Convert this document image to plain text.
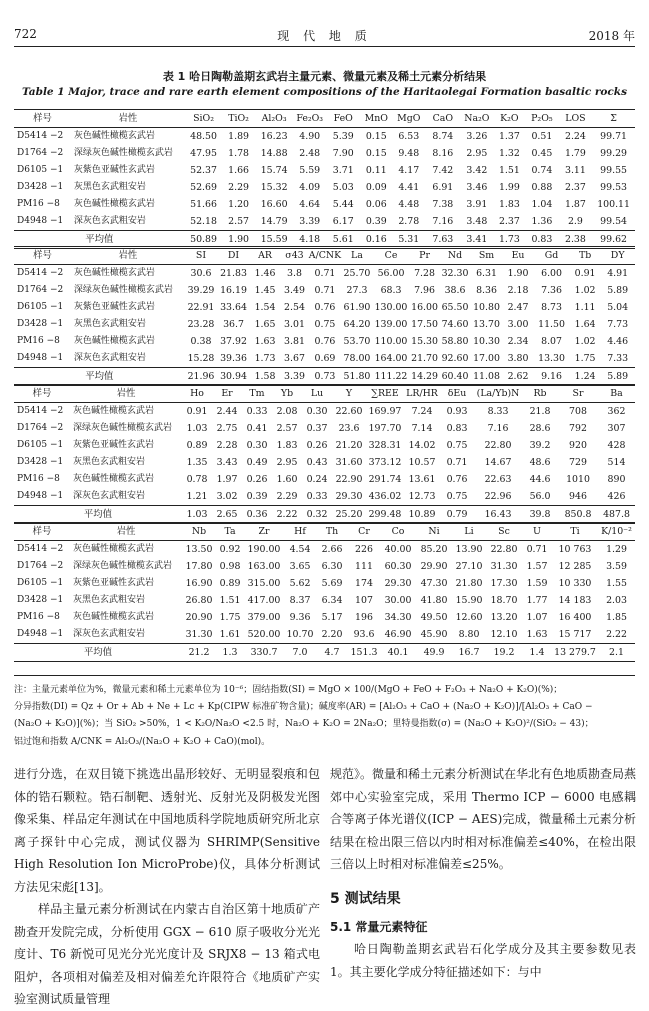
722	现 代 地 质	2018 年
表 1 哈日陶勒盖期玄武岩主量元素、微量元素及稀土元素分析结果
Table 1 Major, trace and rare earth element compositions of the Haritaolegai Formation basaltic rocks
样号	岩性	SiO₂	TiO₂	Al₂O₃	Fe₂O₃	FeO	MnO	MgO	CaO	Na₂O	K₂O	P₂O₅	LOS	Σ
D5414 −2	灰色碱性橄榄玄武岩	48.50	1.89	16.23	4.90	5.39	0.15	6.53	8.74	3.26	1.37	0.51	2.24	99.71
D1764 −2	深绿灰色碱性橄榄玄武岩	47.95	1.78	14.88	2.48	7.90	0.15	9.48	8.16	2.95	1.32	0.45	1.79	99.29
D6105 −1	灰紫色亚碱性玄武岩	52.37	1.66	15.74	5.59	3.71	0.11	4.17	7.42	3.42	1.51	0.74	3.11	99.55
D3428 −1	灰黑色玄武粗安岩	52.69	2.29	15.32	4.09	5.03	0.09	4.41	6.91	3.46	1.99	0.88	2.37	99.53
PM16 −8	灰色碱性橄榄玄武岩	51.66	1.20	16.60	4.64	5.44	0.06	4.48	7.38	3.91	1.83	1.04	1.87	100.11
D4948 −1	深灰色玄武粗安岩	52.18	2.57	14.79	3.39	6.17	0.39	2.78	7.16	3.48	2.37	1.36	2.9	99.54
平均值		50.89	1.90	15.59	4.18	5.61	0.16	5.31	7.63	3.41	1.73	0.83	2.38	99.62
样号	岩性	SI	DI	AR	σ43	A/CNK	La	Ce	Pr	Nd	Sm	Eu	Gd	Tb	DY
D5414 −2	灰色碱性橄榄玄武岩	30.6	21.83	1.46	3.8	0.71	25.70	56.00	7.28	32.30	6.31	1.90	6.00	0.91	4.91
D1764 −2	深绿灰色碱性橄榄玄武岩	39.29	16.19	1.45	3.49	0.71	27.3	68.3	7.96	38.6	8.36	2.18	7.36	1.02	5.89
D6105 −1	灰紫色亚碱性玄武岩	22.91	33.64	1.54	2.54	0.76	61.90	130.00	16.00	65.50	10.80	2.47	8.73	1.11	5.04
D3428 −1	灰黑色玄武粗安岩	23.28	36.7	1.65	3.01	0.75	64.20	139.00	17.50	74.60	13.70	3.00	11.50	1.64	7.73
PM16 −8	灰色碱性橄榄玄武岩	0.38	37.92	1.63	3.81	0.76	53.70	110.00	15.30	58.80	10.30	2.34	8.07	1.02	4.46
D4948 −1	深灰色玄武粗安岩	15.28	39.36	1.73	3.67	0.69	78.00	164.00	21.70	92.60	17.00	3.80	13.30	1.75	7.33
平均值		21.96	30.94	1.58	3.39	0.73	51.80	111.22	14.29	60.40	11.08	2.62	9.16	1.24	5.89
样号	岩性	Ho	Er	Tm	Yb	Lu	Y	∑REE	LR/HR	δEu	(La/Yb)N	Rb	Sr	Ba
D5414 −2	灰色碱性橄榄玄武岩	0.91	2.44	0.33	2.08	0.30	22.60	169.97	7.24	0.93	8.33	21.8	708	362
D1764 −2	深绿灰色碱性橄榄玄武岩	1.03	2.75	0.41	2.57	0.37	23.6	197.70	7.14	0.83	7.16	28.6	792	307
D6105 −1	灰紫色亚碱性玄武岩	0.89	2.28	0.30	1.83	0.26	21.20	328.31	14.02	0.75	22.80	39.2	920	428
D3428 −1	灰黑色玄武粗安岩	1.35	3.43	0.49	2.95	0.43	31.60	373.12	10.57	0.71	14.67	48.6	729	514
PM16 −8	灰色碱性橄榄玄武岩	0.78	1.97	0.26	1.60	0.24	22.90	291.74	13.61	0.76	22.63	44.6	1010	890
D4948 −1	深灰色玄武粗安岩	1.21	3.02	0.39	2.29	0.33	29.30	436.02	12.73	0.75	22.96	56.0	946	426
平均值		1.03	2.65	0.36	2.22	0.32	25.20	299.48	10.89	0.79	16.43	39.8	850.8	487.8
样号	岩性	Nb	Ta	Zr	Hf	Th	Cr	Co	Ni	Li	Sc	U	Ti	K/10⁻²
D5414 −2	灰色碱性橄榄玄武岩	13.50	0.92	190.00	4.54	2.66	226	40.00	85.20	13.90	22.80	0.71	10 763	1.29
D1764 −2	深绿灰色碱性橄榄玄武岩	17.80	0.98	163.00	3.65	6.30	111	60.30	29.90	27.10	31.30	1.57	12 285	3.59
D6105 −1	灰紫色亚碱性玄武岩	16.90	0.89	315.00	5.62	5.69	174	29.30	47.30	21.80	17.30	1.59	10 330	1.55
D3428 −1	灰黑色玄武粗安岩	26.80	1.51	417.00	8.37	6.34	107	30.00	41.80	15.90	18.70	1.77	14 183	2.03
PM16 −8	灰色碱性橄榄玄武岩	20.90	1.75	379.00	9.36	5.17	196	34.30	49.50	12.60	13.20	1.07	16 400	1.85
D4948 −1	深灰色玄武粗安岩	31.30	1.61	520.00	10.70	2.20	93.6	46.90	45.90	8.80	12.10	1.63	15 717	2.22
平均值		21.2	1.3	330.7	7.0	4.7	151.3	40.1	49.9	16.7	19.2	1.4	13 279.7	2.1

注：主量元素单位为%，微量元素和稀土元素单位为 10⁻⁶；固结指数(SI) = MgO × 100/(MgO + FeO + F₂O₃ + Na₂O + K₂O)(%)；

分异指数(DI) = Qz + Or + Ab + Ne + Lc + Kp(CIPW 标准矿物含量)；碱度率(AR) = [Al₂O₃ + CaO + (Na₂O + K₂O)]/[Al₂O₃ + CaO −

(Na₂O + K₂O)](%)；当 SiO₂ >50%，1 < K₂O/Na₂O <2.5 时，Na₂O + K₂O = 2Na₂O；里特曼指数(σ) = (Na₂O + K₂O)²/(SiO₂ − 43)；

铝过饱和指数 A/CNK = Al₂O₃/(Na₂O + K₂O + CaO)(mol)。

进行分选，在双目镜下挑选出晶形较好、无明显裂痕和包体的锆石颗粒。锆石制靶、透射光、反射光及阴极发光图像采集、样品定年测试在中国地质科学院地质研究所北京离子探针中心完成，测试仪器为 SHRIMP(Sensitive High Resolution Ion MicroProbe)仪，具体分析测试方法见宋彪[13]。

样品主量元素分析测试在内蒙古自治区第十地质矿产勘查开发院完成，分析使用 GGX − 610 原子吸收分光光度计、T6 新悦可见光分光光度计及 SRJX8 − 13 箱式电阻炉，各项相对偏差及相对偏差允许限符合《地质矿产实验室测试质量管理

规范》。微量和稀土元素分析测试在华北有色地质勘查局燕郊中心实验室完成，采用 Thermo ICP − 6000 电感耦合等离子体光谱仪(ICP − AES)完成，微量稀土元素分析结果在检出限三倍以内时相对标准偏差≤40%，在检出限三倍以上时相对标准偏差≤25%。

5 测试结果
5.1 常量元素特征

哈日陶勒盖期玄武岩石化学成分及其主要参数见表1。其主要化学成分特征描述如下：与中
